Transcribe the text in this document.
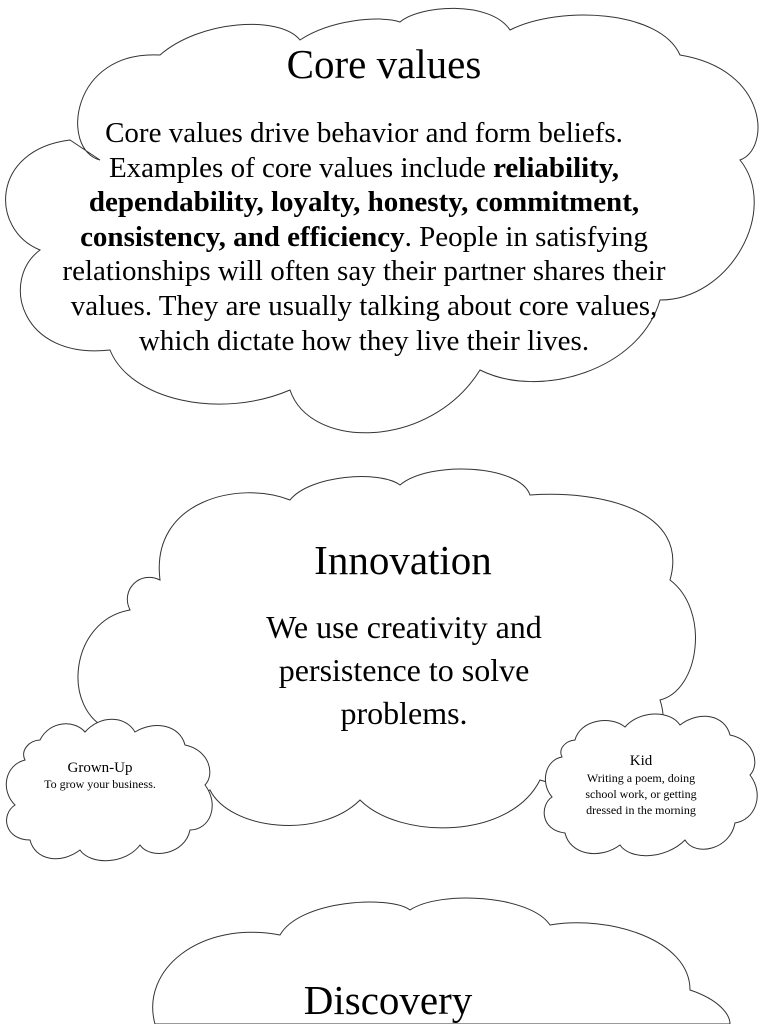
Core values
Core values drive behavior and form beliefs. Examples of core values include reliability, dependability, loyalty, honesty, commitment, consistency, and efficiency. People in satisfying relationships will often say their partner shares their values. They are usually talking about core values, which dictate how they live their lives.
Innovation
We use creativity and persistence to solve problems.
Grown-Up
To grow your business.
Kid
Writing a poem, doing school work, or getting dressed in the morning
Discovery
